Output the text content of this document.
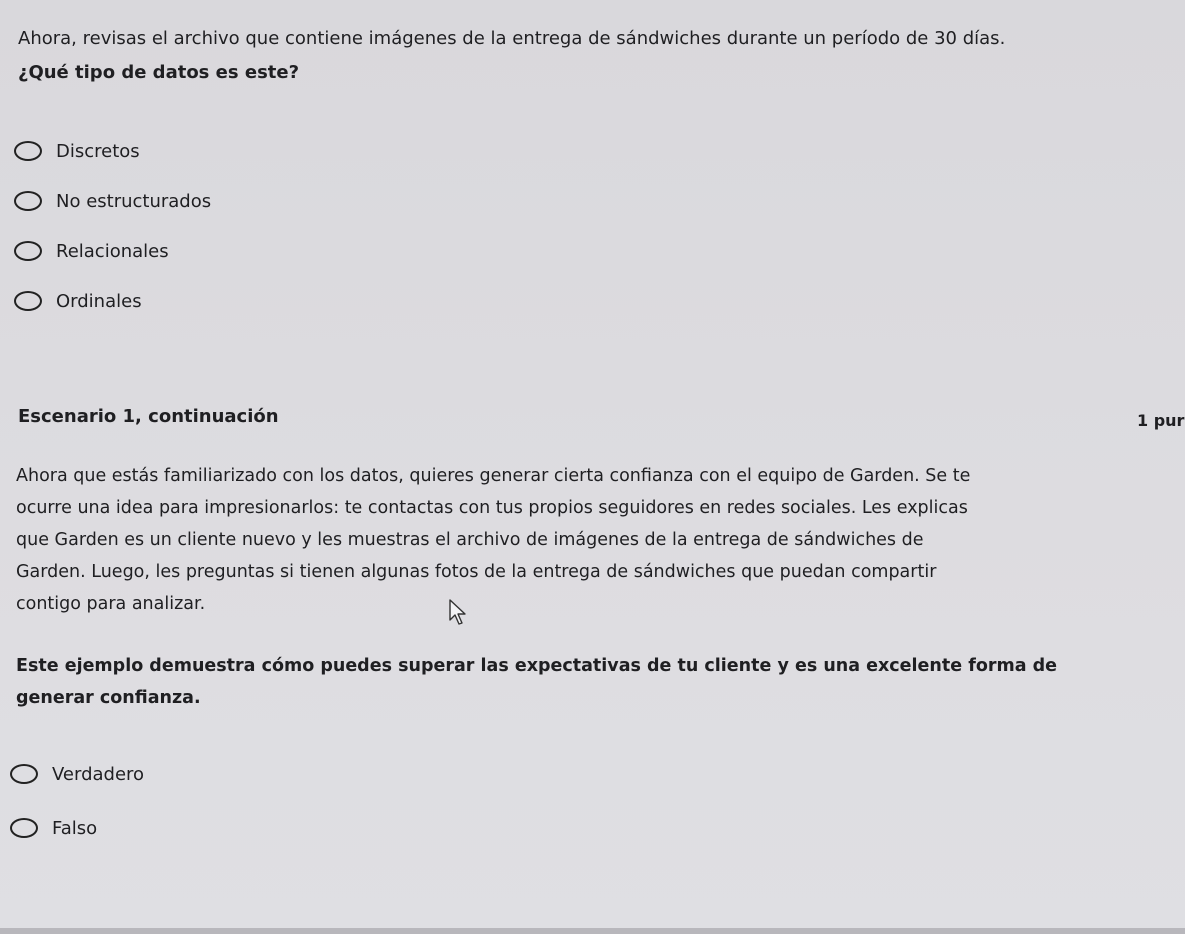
Ahora, revisas el archivo que contiene imágenes de la entrega de sándwiches durante un período de 30 días.
¿Qué tipo de datos es este?
Discretos
No estructurados
Relacionales
Ordinales
Escenario 1, continuación	1 pur
Ahora que estás familiarizado con los datos, quieres generar cierta confianza con el equipo de Garden. Se te
ocurre una idea para impresionarlos: te contactas con tus propios seguidores en redes sociales. Les explicas
que Garden es un cliente nuevo y les muestras el archivo de imágenes de la entrega de sándwiches de
Garden. Luego, les preguntas si tienen algunas fotos de la entrega de sándwiches que puedan compartir
contigo para analizar.
Este ejemplo demuestra cómo puedes superar las expectativas de tu cliente y es una excelente forma de
generar confianza.
Verdadero
Falso
